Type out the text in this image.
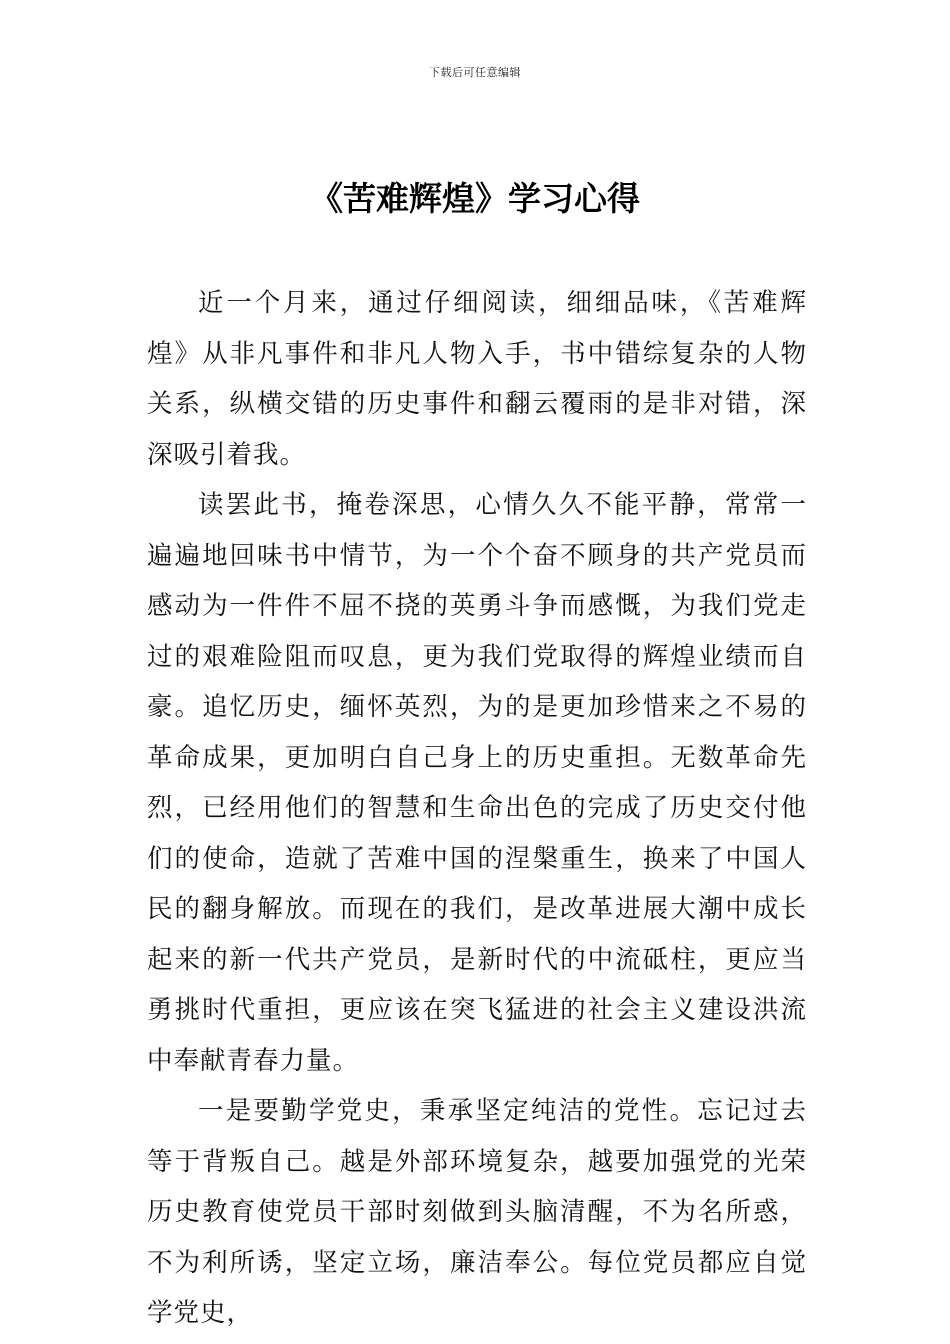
下载后可任意编辑
《苦难辉煌》学习心得

近一个月来，通过仔细阅读，细细品味，《苦难辉煌》从非凡事件和非凡人物入手，书中错综复杂的人物关系，纵横交错的历史事件和翻云覆雨的是非对错，深深吸引着我。

读罢此书，掩卷深思，心情久久不能平静，常常一遍遍地回味书中情节，为一个个奋不顾身的共产党员而感动为一件件不屈不挠的英勇斗争而感慨，为我们党走过的艰难险阻而叹息，更为我们党取得的辉煌业绩而自豪。追忆历史，缅怀英烈，为的是更加珍惜来之不易的革命成果，更加明白自己身上的历史重担。无数革命先烈，已经用他们的智慧和生命出色的完成了历史交付他们的使命，造就了苦难中国的涅槃重生，换来了中国人民的翻身解放。而现在的我们，是改革进展大潮中成长起来的新一代共产党员，是新时代的中流砥柱，更应当勇挑时代重担，更应该在突飞猛进的社会主义建设洪流中奉献青春力量。

一是要勤学党史，秉承坚定纯洁的党性。忘记过去等于背叛自己。越是外部环境复杂，越要加强党的光荣历史教育使党员干部时刻做到头脑清醒，不为名所惑，不为利所诱，坚定立场，廉洁奉公。每位党员都应自觉学党史，
